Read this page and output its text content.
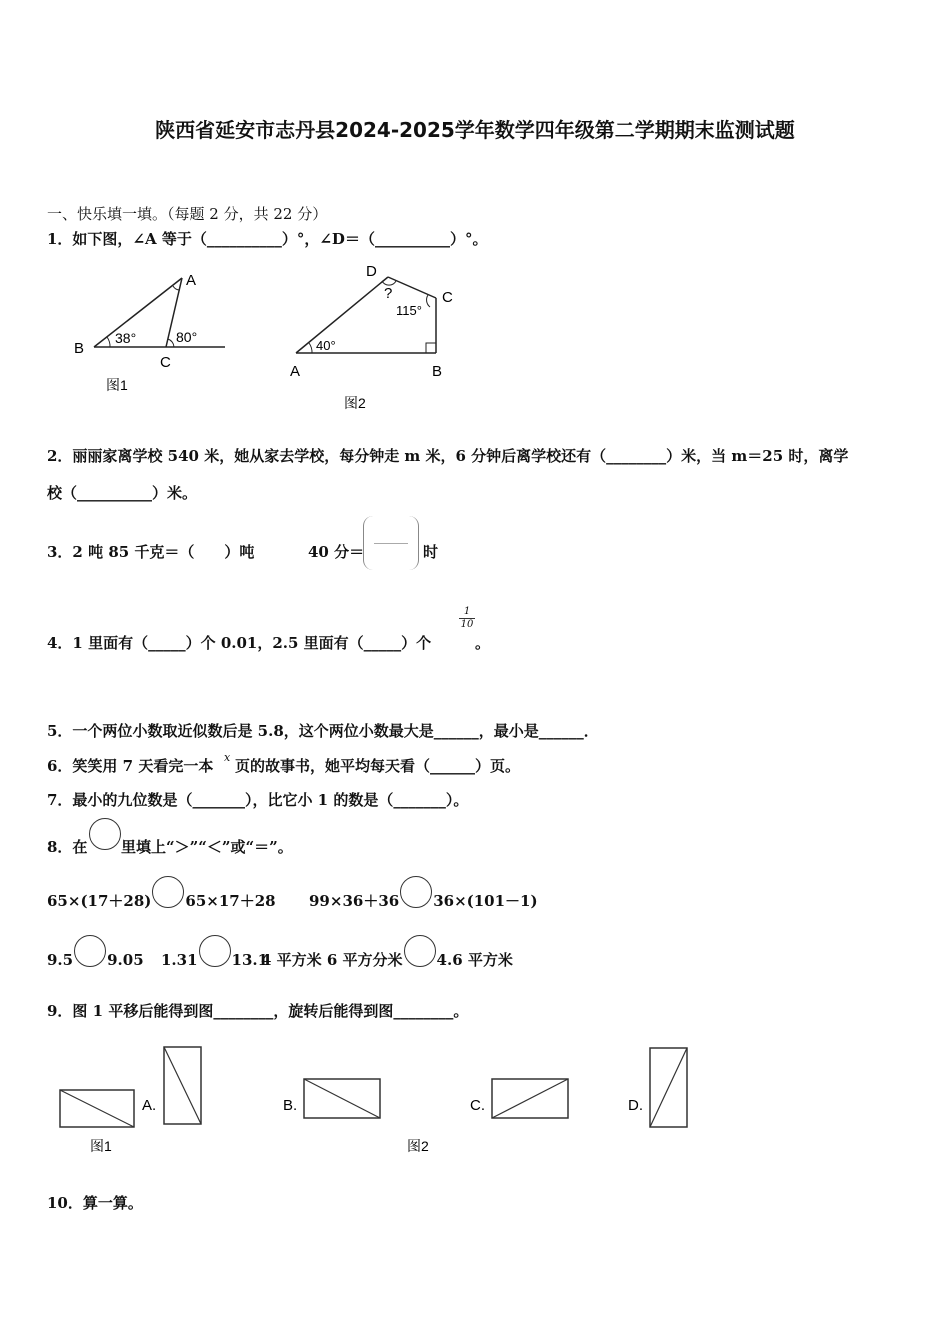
陕西省延安市志丹县2024-2025学年数学四年级第二学期期末监测试题
一、快乐填一填。（每题 2 分，共 22 分）
1．如下图，∠A 等于（__________）°，∠D＝（__________）°。
B
A
C
38°	80°
图1
D
C
A	B
40°
115°
?
图2
2．丽丽家离学校 540 米，她从家去学校，每分钟走 m 米，6 分钟后离学校还有（________）米，当 m＝25 时，离学
校（__________）米。
3．2 吨 85 千克＝（　　）吨	40 分＝	时
4．1 里面有（_____）个 0.01，2.5 里面有（_____）个
$\frac{1}{10}$
。
5．一个两位小数取近似数后是 5.8，这个两位小数最大是______，最小是______．
6．笑笑用 7 天看完一本 x 页的故事书，她平均每天看（______）页。
7．最小的九位数是（_______），比它小 1 的数是（_______）。
8．在 里填上“＞”“＜”或“＝”。
65×(17＋28) 65×17＋28 99×36＋36 36×(101－1)
9.5 9.05 1.31 13.1
4 平方米 6 平方分米 4.6 平方米
9．图 1 平移后能得到图________，旋转后能得到图________。
A.	B.	C.	D.
图1	图2
10．算一算。
